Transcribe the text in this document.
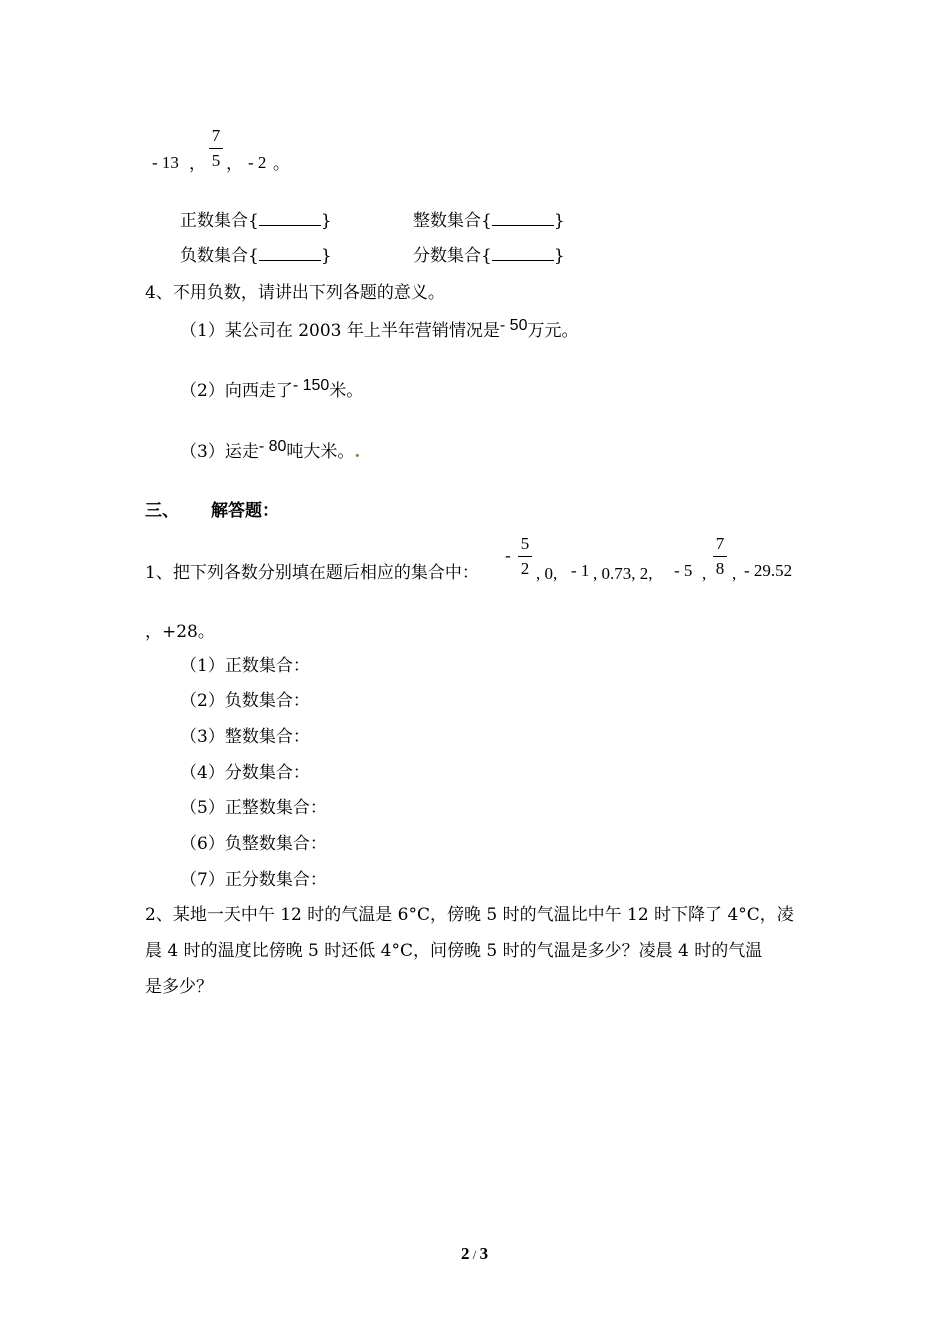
- 13 ，
7
5 ， - 2 。
正数集合{	}	整数集合{	}
负数集合{	}	分数集合{	}
4、不用负数，请讲出下列各题的意义。
（1）某公司在 2003 年上半年营销情况是- 50万元。
（2）向西走了- 150米。
（3）运走- 80吨大米。.
三、 解答题：
1、把下列各数分别填在题后相应的集合中：
-
5
2 , 0, - 1 , 0.73, 2, - 5 ,
7
8 , - 29.52
，+28。
（1）正数集合：
（2）负数集合：
（3）整数集合：
（4）分数集合：
（5）正整数集合：
（6）负整数集合：
（7）正分数集合：
2、某地一天中午 12 时的气温是 6°C，傍晚 5 时的气温比中午 12 时下降了 4°C，凌
晨 4 时的温度比傍晚 5 时还低 4°C，问傍晚 5 时的气温是多少？凌晨 4 时的气温
是多少？
2 / 3
